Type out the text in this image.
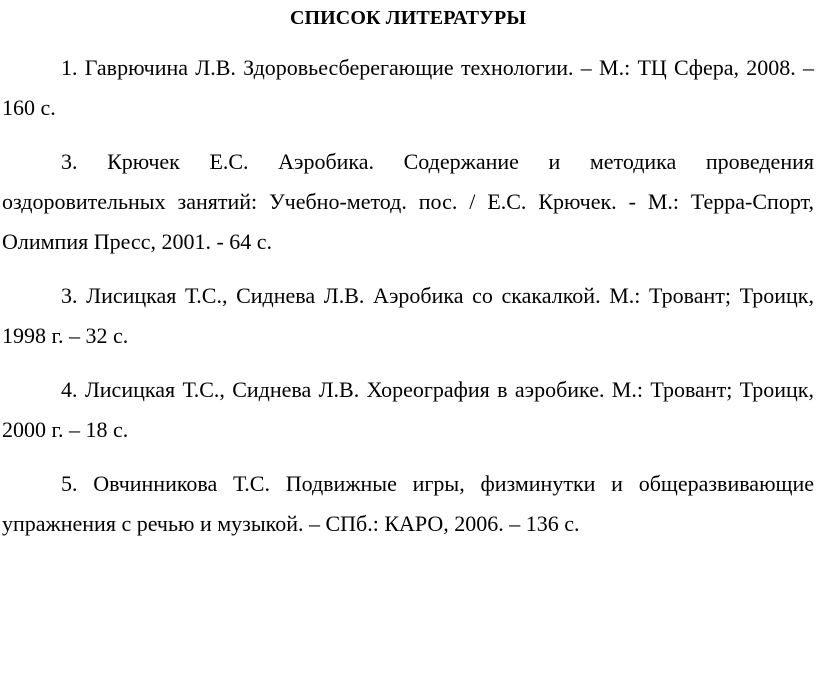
СПИСОК ЛИТЕРАТУРЫ

1. Гаврючина Л.В. Здоровьесберегающие технологии. – М.: ТЦ Сфера, 2008. – 160 с.

3. Крючек Е.С. Аэробика. Содержание и методика проведения оздоровительных занятий: Учебно-метод. пос. / Е.С. Крючек. - М.: Терра-Спорт, Олимпия Пресс, 2001. - 64 с.

3. Лисицкая Т.С., Сиднева Л.В. Аэробика со скакалкой. М.: Тровант; Троицк, 1998 г. – 32 с.

4. Лисицкая Т.С., Сиднева Л.В. Хореография в аэробике. М.: Тровант; Троицк, 2000 г. – 18 с.

5. Овчинникова Т.С. Подвижные игры, физминутки и общеразвивающие упражнения с речью и музыкой. – СПб.: КАРО, 2006. – 136 с.
